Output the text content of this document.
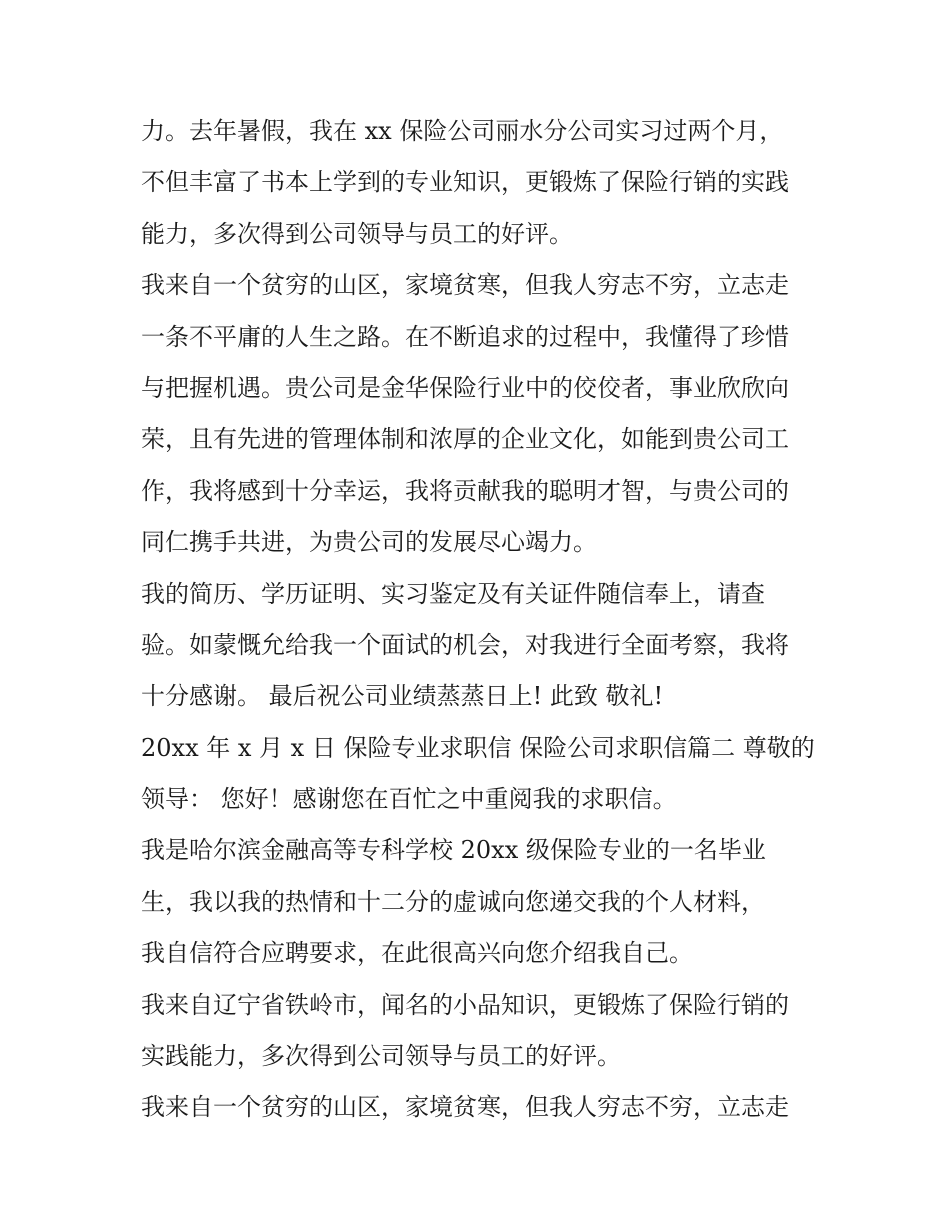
力。去年暑假，我在 xx 保险公司丽水分公司实习过两个月，
不但丰富了书本上学到的专业知识，更锻炼了保险行销的实践
能力，多次得到公司领导与员工的好评。
我来自一个贫穷的山区，家境贫寒，但我人穷志不穷，立志走
一条不平庸的人生之路。在不断追求的过程中，我懂得了珍惜
与把握机遇。贵公司是金华保险行业中的佼佼者，事业欣欣向
荣，且有先进的管理体制和浓厚的企业文化，如能到贵公司工
作，我将感到十分幸运，我将贡献我的聪明才智，与贵公司的
同仁携手共进，为贵公司的发展尽心竭力。
我的简历、学历证明、实习鉴定及有关证件随信奉上，请查
验。如蒙慨允给我一个面试的机会，对我进行全面考察，我将
十分感谢。 最后祝公司业绩蒸蒸日上! 此致 敬礼!
20xx 年 x 月 x 日 保险专业求职信 保险公司求职信篇二 尊敬的
领导： 您好！感谢您在百忙之中重阅我的求职信。
我是哈尔滨金融高等专科学校 20xx 级保险专业的一名毕业
生，我以我的热情和十二分的虚诚向您递交我的个人材料，
我自信符合应聘要求，在此很高兴向您介绍我自己。
我来自辽宁省铁岭市，闻名的小品知识，更锻炼了保险行销的
实践能力，多次得到公司领导与员工的好评。
我来自一个贫穷的山区，家境贫寒，但我人穷志不穷，立志走
